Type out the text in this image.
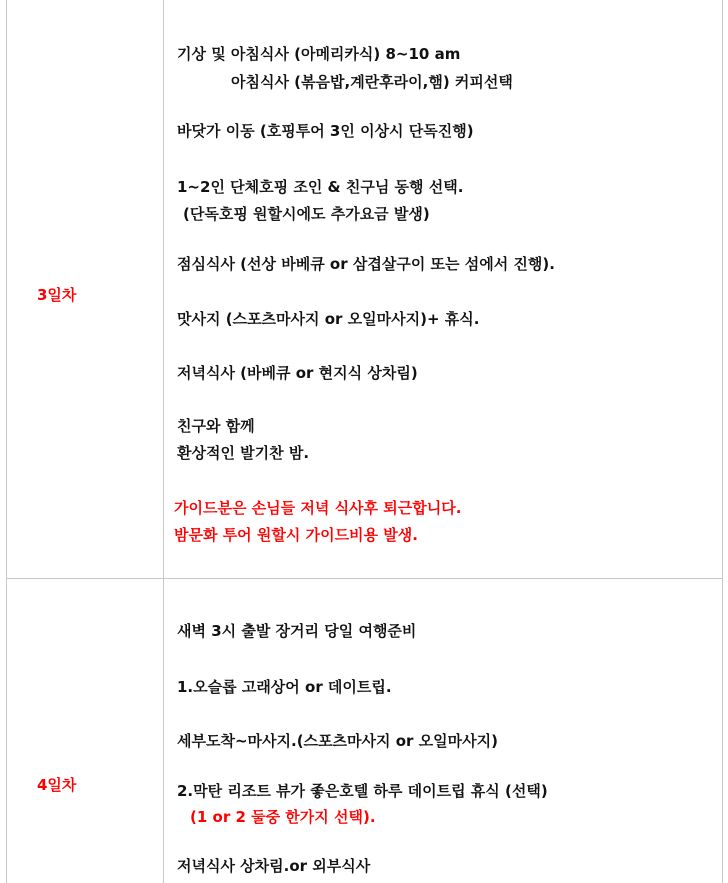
3일차
기상 및 아침식사 (아메리카식) 8~10 am
아침식사 (볶음밥,계란후라이,햄) 커피선택
바닷가 이동 (호핑투어 3인 이상시 단독진행)
1~2인 단체호핑 조인 & 친구님 동행 선택.
(단독호핑 원할시에도 추가요금 발생)
점심식사 (선상 바베큐 or 삼겹살구이 또는 섬에서 진행).
맛사지 (스포츠마사지 or 오일마사지)+ 휴식.
저녁식사 (바베큐 or 현지식 상차림)
친구와 함께
환상적인 발기찬 밤.
가이드분은 손님들 저녁 식사후 퇴근합니다.
밤문화 투어 원할시 가이드비용 발생.
4일차
새벽 3시 출발 장거리 당일 여행준비
1.오슬롭 고래상어 or 데이트립.
세부도착~마사지.(스포츠마사지 or 오일마사지)
2.막탄 리조트 뷰가 좋은호텔 하루 데이트립 휴식 (선택)
(1 or 2 둘중 한가지 선택).
저녁식사 상차림.or 외부식사
